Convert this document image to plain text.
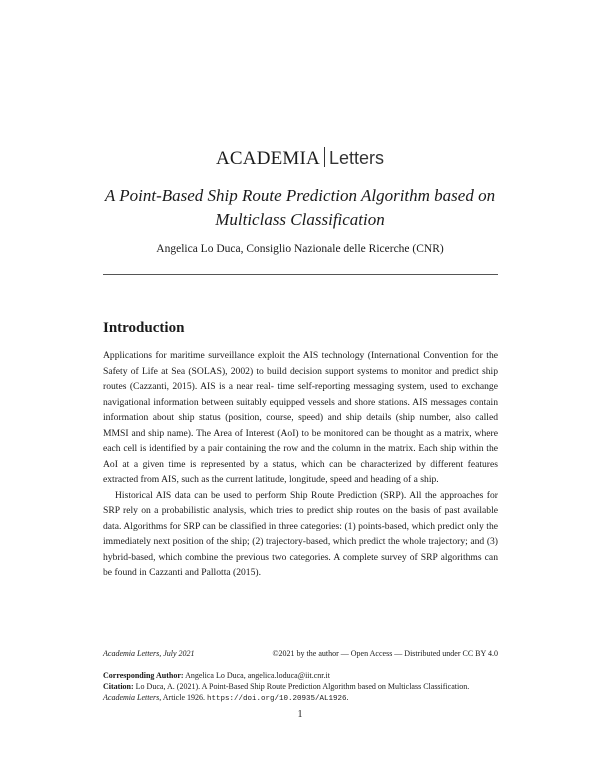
ACADEMIA Letters
A Point-Based Ship Route Prediction Algorithm based on
Multiclass Classification
Angelica Lo Duca, Consiglio Nazionale delle Ricerche (CNR)
Introduction

Applications for maritime surveillance exploit the AIS technology (International Convention for the Safety of Life at Sea (SOLAS), 2002) to build decision support systems to monitor and predict ship routes (Cazzanti, 2015). AIS is a near real- time self-reporting messaging system, used to exchange navigational information between suitably equipped vessels and shore stations. AIS messages contain information about ship status (position, course, speed) and ship details (ship number, also called MMSI and ship name). The Area of Interest (AoI) to be monitored can be thought as a matrix, where each cell is identified by a pair containing the row and the column in the matrix. Each ship within the AoI at a given time is represented by a status, which can be characterized by different features extracted from AIS, such as the current latitude, longitude, speed and heading of a ship.

Historical AIS data can be used to perform Ship Route Prediction (SRP). All the approaches for SRP rely on a probabilistic analysis, which tries to predict ship routes on the basis of past available data. Algorithms for SRP can be classified in three categories: (1) points-based, which predict only the immediately next position of the ship; (2) trajectory-based, which predict the whole trajectory; and (3) hybrid-based, which combine the previous two categories. A complete survey of SRP algorithms can be found in Cazzanti and Pallotta (2015).

Academia Letters, July 2021	©2021 by the author — Open Access — Distributed under CC BY 4.0

Corresponding Author: Angelica Lo Duca, angelica.loduca@iit.cnr.it

Citation: Lo Duca, A. (2021). A Point-Based Ship Route Prediction Algorithm based on Multiclass Classification. Academia Letters, Article 1926. https://doi.org/10.20935/AL1926.

1
